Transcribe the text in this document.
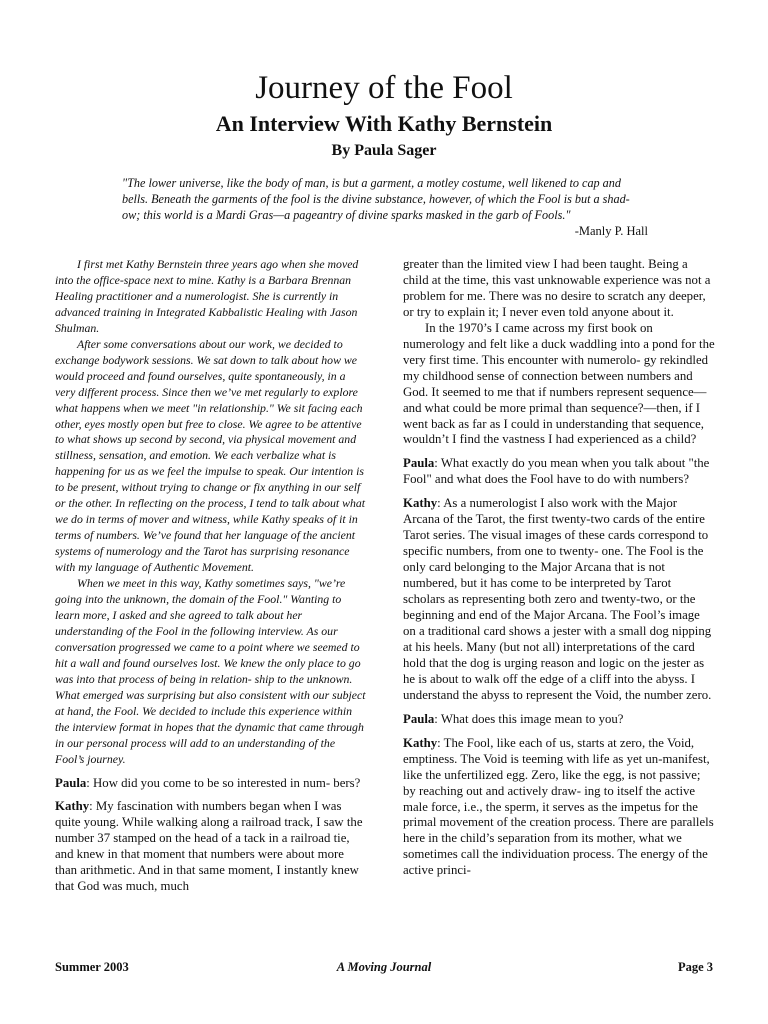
Journey of the Fool
An Interview With Kathy Bernstein
By Paula Sager

"The lower universe, like the body of man, is but a garment, a motley costume, well likened to cap and bells. Beneath the garments of the fool is the divine substance, however, of which the Fool is but a shad- ow; this world is a Mardi Gras—a pageantry of divine sparks masked in the garb of Fools."

-Manly P. Hall

I first met Kathy Bernstein three years ago when she moved into the office-space next to mine. Kathy is a Barbara Brennan Healing practitioner and a numerologist. She is currently in advanced training in Integrated Kabbalistic Healing with Jason Shulman.

After some conversations about our work, we decided to exchange bodywork sessions. We sat down to talk about how we would proceed and found ourselves, quite spontaneously, in a very different process. Since then we’ve met regularly to explore what happens when we meet "in relationship." We sit facing each other, eyes mostly open but free to close. We agree to be attentive to what shows up second by second, via physical movement and stillness, sensation, and emotion. We each verbalize what is happening for us as we feel the impulse to speak. Our intention is to be present, without trying to change or fix anything in our self or the other. In reflecting on the process, I tend to talk about what we do in terms of mover and witness, while Kathy speaks of it in terms of numbers. We’ve found that her language of the ancient systems of numerology and the Tarot has surprising resonance with my language of Authentic Movement.

When we meet in this way, Kathy sometimes says, "we’re going into the unknown, the domain of the Fool." Wanting to learn more, I asked and she agreed to talk about her understanding of the Fool in the following interview. As our conversation progressed we came to a point where we seemed to hit a wall and found ourselves lost. We knew the only place to go was into that process of being in relation- ship to the unknown. What emerged was surprising but also consistent with our subject at hand, the Fool. We decided to include this experience within the interview format in hopes that the dynamic that came through in our personal process will add to an understanding of the Fool’s journey.

Paula: How did you come to be so interested in num- bers?

Kathy: My fascination with numbers began when I was quite young. While walking along a railroad track, I saw the number 37 stamped on the head of a tack in a railroad tie, and knew in that moment that numbers were about more than arithmetic. And in that same moment, I instantly knew that God was much, much

greater than the limited view I had been taught. Being a child at the time, this vast unknowable experience was not a problem for me. There was no desire to scratch any deeper, or try to explain it; I never even told anyone about it.

In the 1970’s I came across my first book on numerology and felt like a duck waddling into a pond for the very first time. This encounter with numerolo- gy rekindled my childhood sense of connection between numbers and God. It seemed to me that if numbers represent sequence—and what could be more primal than sequence?—then, if I went back as far as I could in understanding that sequence, wouldn’t I find the vastness I had experienced as a child?

Paula: What exactly do you mean when you talk about "the Fool" and what does the Fool have to do with numbers?

Kathy: As a numerologist I also work with the Major Arcana of the Tarot, the first twenty-two cards of the entire Tarot series. The visual images of these cards correspond to specific numbers, from one to twenty- one. The Fool is the only card belonging to the Major Arcana that is not numbered, but it has come to be interpreted by Tarot scholars as representing both zero and twenty-two, or the beginning and end of the Major Arcana. The Fool’s image on a traditional card shows a jester with a small dog nipping at his heels. Many (but not all) interpretations of the card hold that the dog is urging reason and logic on the jester as he is about to walk off the edge of a cliff into the abyss. I understand the abyss to represent the Void, the number zero.

Paula: What does this image mean to you?

Kathy: The Fool, like each of us, starts at zero, the Void, emptiness. The Void is teeming with life as yet un-manifest, like the unfertilized egg. Zero, like the egg, is not passive; by reaching out and actively draw- ing to itself the active male force, i.e., the sperm, it serves as the impetus for the primal movement of the creation process. There are parallels here in the child’s separation from its mother, what we sometimes call the individuation process. The energy of the active princi-

Summer 2003	A Moving Journal	Page 3
